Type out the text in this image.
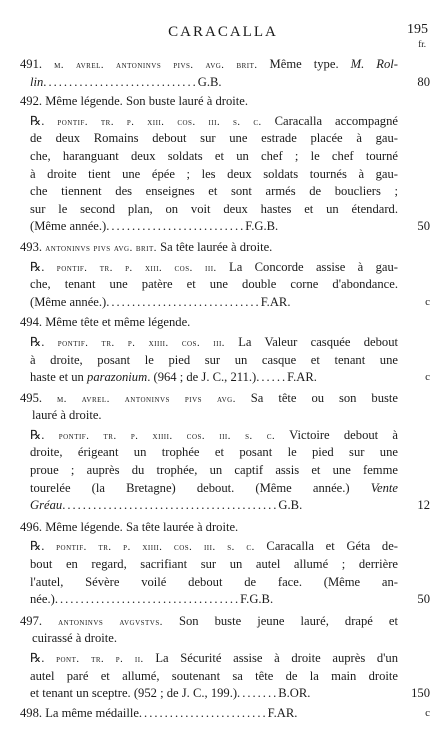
CARACALLA	195
fr.
491. m. avrel. antoninvs pivs. avg. brit. Même type. M. Rol-
lin..............................G.B.	80
492. Même légende. Son buste lauré à droite.
℞. pontif. tr. p. xiii. cos. iii. s. c. Caracalla accompagné
de deux Romains debout sur une estrade placée à gau-
che, haranguant deux soldats et un chef ; le chef tourné
à droite tient une épée ; les deux soldats tournés à gau-
che tiennent des enseignes et sont armés de boucliers ;
sur le second plan, on voit deux hastes et un étendard.
(Même année.)...........................F.G.B.	50
493. antoninvs pivs avg. brit. Sa tête laurée à droite.
℞. pontif. tr. p. xiii. cos. iii. La Concorde assise à gau-
che, tenant une patère et une double corne d'abondance.
(Même année.)..............................F.AR.	c
494. Même tête et même légende.
℞. pontif. tr. p. xiiii. cos. iii. La Valeur casquée debout
à droite, posant le pied sur un casque et tenant une
haste et un parazonium. (964 ; de J. C., 211.)......F.AR.	c
495. m. avrel. antoninvs pivs avg. Sa tête ou son buste
lauré à droite.
℞. pontif. tr. p. xiiii. cos. iii. s. c. Victoire debout à
droite, érigeant un trophée et posant le pied sur une
proue ; auprès du trophée, un captif assis et une femme
tourelée (la Bretagne) debout. (Même année.) Vente
Gréau..........................................G.B.	12
496. Même légende. Sa tête laurée à droite.
℞. pontif. tr. p. xiiii. cos. iii. s. c. Caracalla et Géta de-
bout en regard, sacrifiant sur un autel allumé ; derrière
l'autel, Sévère voilé debout de face. (Même an-
née.)....................................F.G.B.	50
497. antoninvs avgvstvs. Son buste jeune lauré, drapé et
cuirassé à droite.
℞. pont. tr. p. ii. La Sécurité assise à droite auprès d'un
autel paré et allumé, soutenant sa tête de la main droite
et tenant un sceptre. (952 ; de J. C., 199.)........B.OR.	150
498. La même médaille.........................F.AR.	c
